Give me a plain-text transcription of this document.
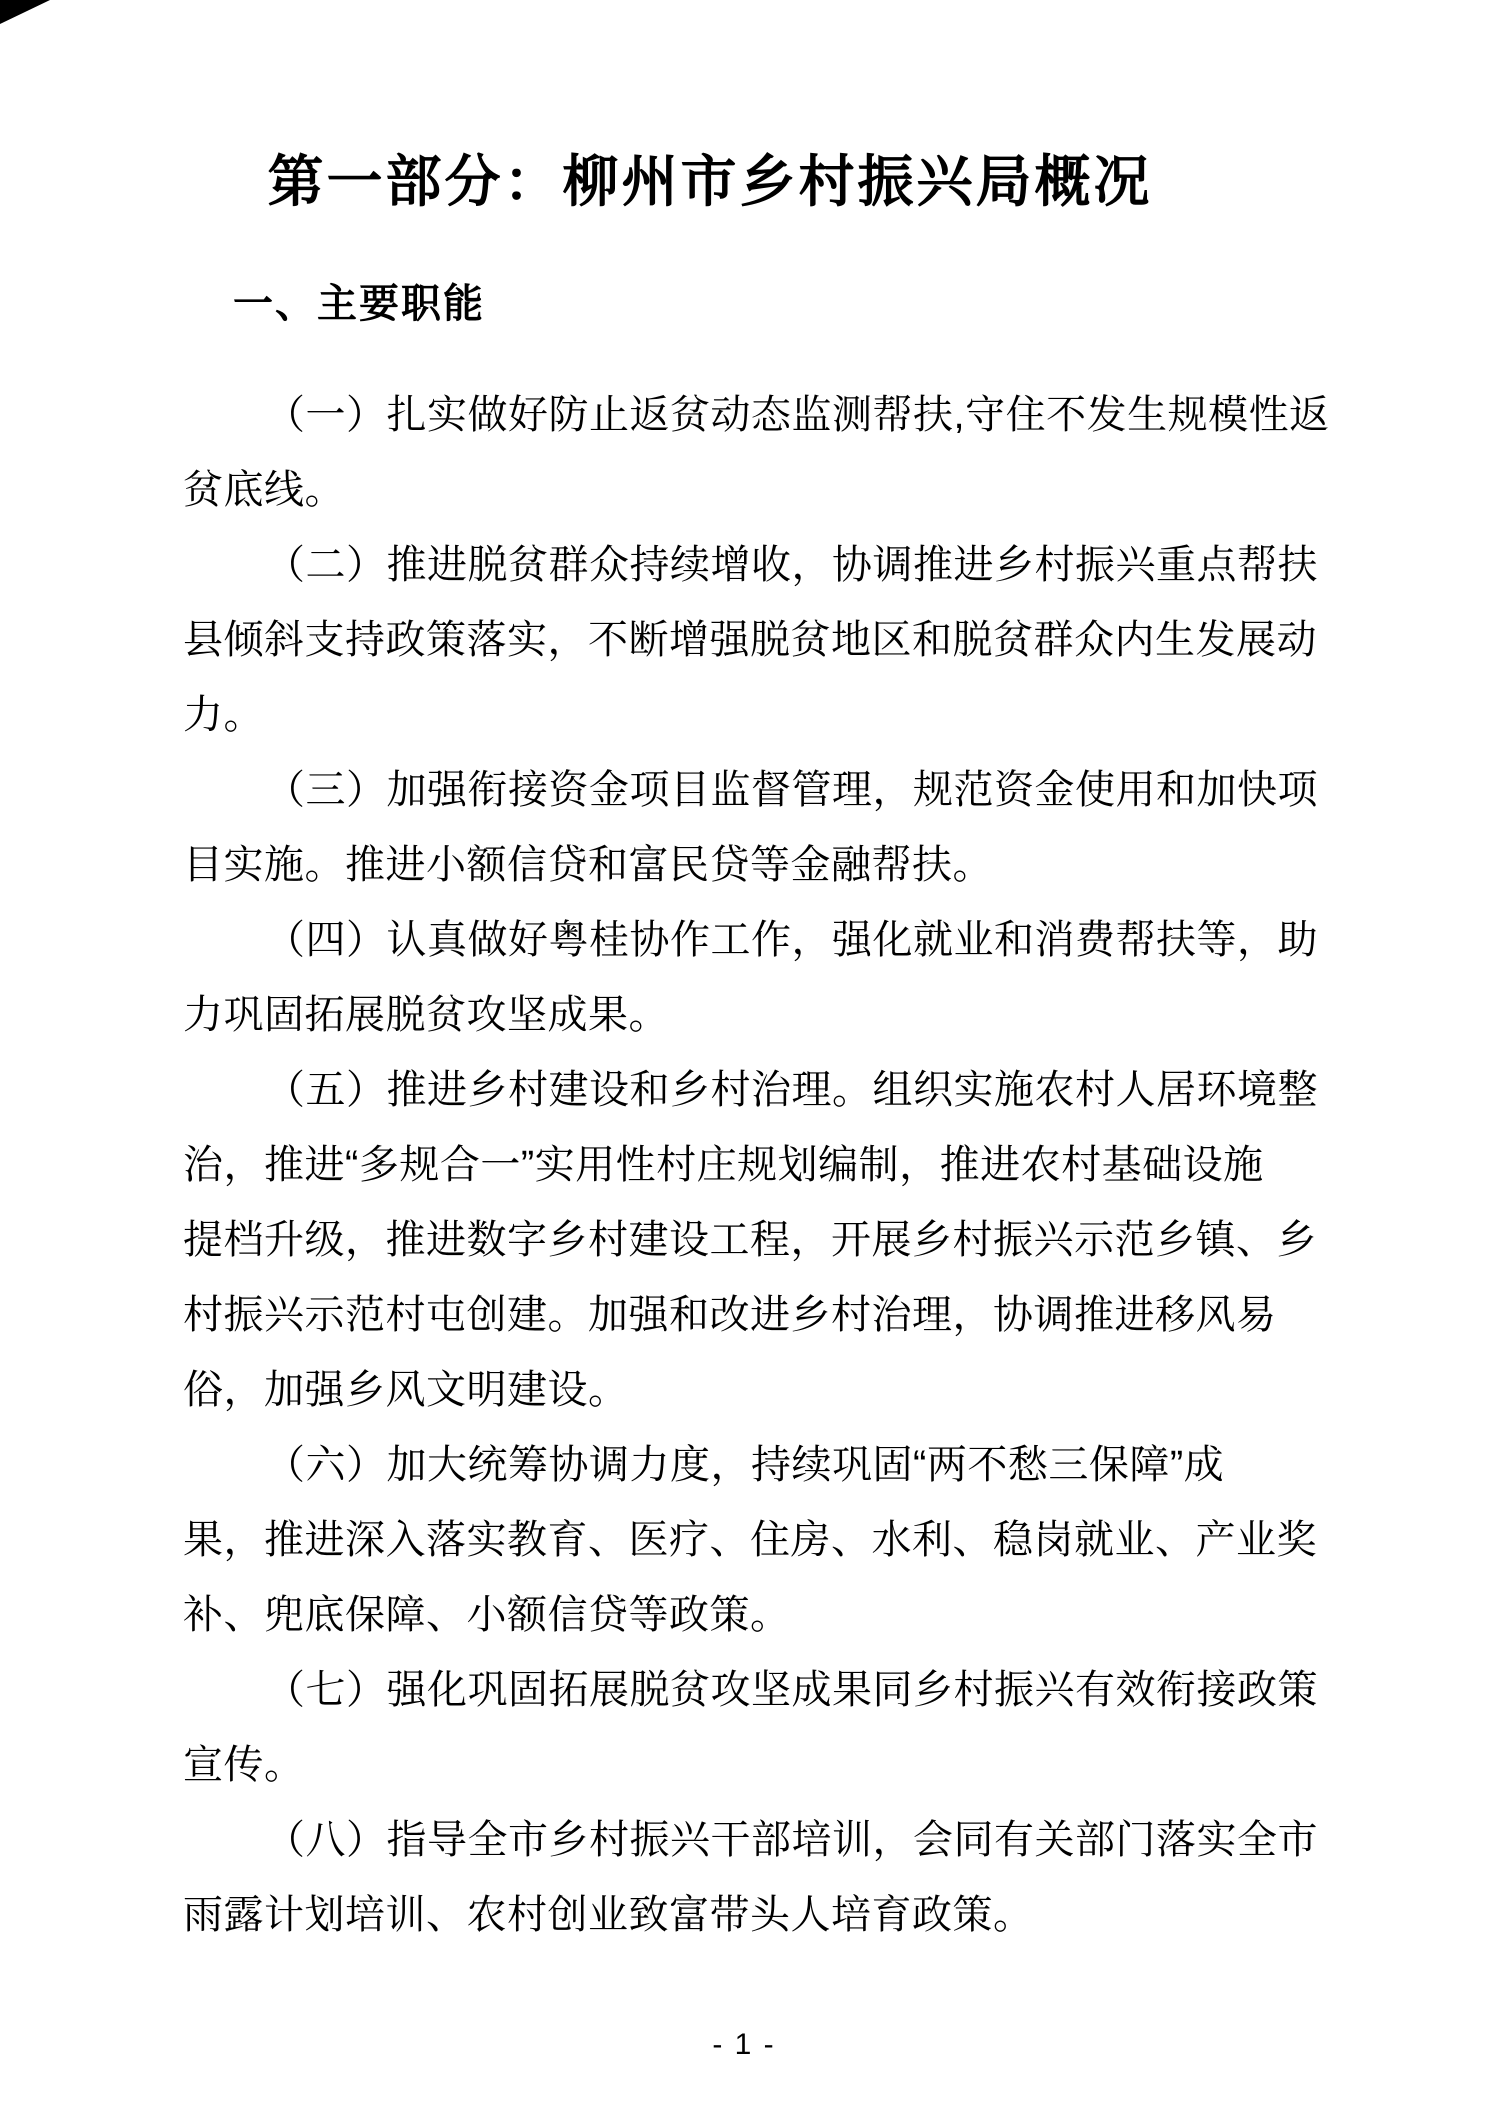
第一部分：柳州市乡村振兴局概况
一、主要职能

（一）扎实做好防止返贫动态监测帮扶,守住不发生规模性返
贫底线。

（二）推进脱贫群众持续增收，协调推进乡村振兴重点帮扶
县倾斜支持政策落实，不断增强脱贫地区和脱贫群众内生发展动
力。

（三）加强衔接资金项目监督管理，规范资金使用和加快项
目实施。推进小额信贷和富民贷等金融帮扶。

（四）认真做好粤桂协作工作，强化就业和消费帮扶等，助
力巩固拓展脱贫攻坚成果。

（五）推进乡村建设和乡村治理。组织实施农村人居环境整
治，推进“多规合一”实用性村庄规划编制，推进农村基础设施
提档升级，推进数字乡村建设工程，开展乡村振兴示范乡镇、乡
村振兴示范村屯创建。加强和改进乡村治理，协调推进移风易
俗，加强乡风文明建设。

（六）加大统筹协调力度，持续巩固“两不愁三保障”成
果，推进深入落实教育、医疗、住房、水利、稳岗就业、产业奖
补、兜底保障、小额信贷等政策。

（七）强化巩固拓展脱贫攻坚成果同乡村振兴有效衔接政策
宣传。

（八）指导全市乡村振兴干部培训，会同有关部门落实全市
雨露计划培训、农村创业致富带头人培育政策。

- 1 -
